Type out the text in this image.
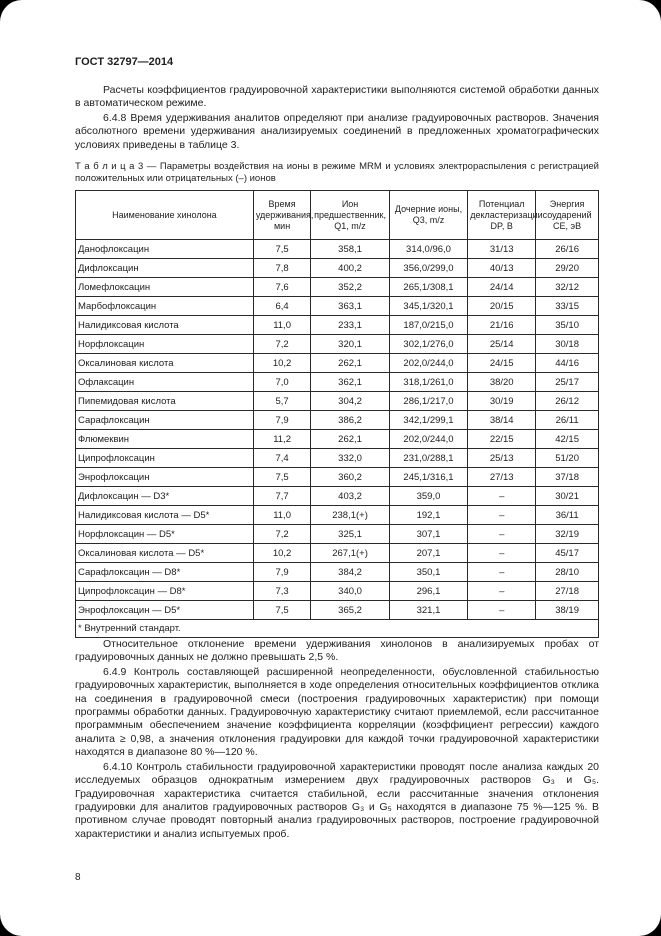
ГОСТ 32797—2014

Расчеты коэффициентов градуировочной характеристики выполняются системой обработки данных в автоматическом режиме.

6.4.8 Время удерживания аналитов определяют при анализе градуировочных растворов. Значения абсолютного времени удерживания анализируемых соединений в предложенных хроматографических условиях приведены в таблице 3.

Т а б л и ц а 3 — Параметры воздействия на ионы в режиме MRM и условиях электрораспыления с регистрацией положительных или отрицательных (–) ионов
Наименование хинолона	Время удерживания, мин	Ион предшественник, Q1, m/z	Дочерние ионы, Q3, m/z	Потенциал декластеризации DP, В	Энергия соударений CE, эВ
Данофлоксацин	7,5	358,1	314,0/96,0	31/13	26/16
Дифлоксацин	7,8	400,2	356,0/299,0	40/13	29/20
Ломефлоксацин	7,6	352,2	265,1/308,1	24/14	32/12
Марбофлоксацин	6,4	363,1	345,1/320,1	20/15	33/15
Налидиксовая кислота	11,0	233,1	187,0/215,0	21/16	35/10
Норфлоксацин	7,2	320,1	302,1/276,0	25/14	30/18
Оксалиновая кислота	10,2	262,1	202,0/244,0	24/15	44/16
Офлаксацин	7,0	362,1	318,1/261,0	38/20	25/17
Пипемидовая кислота	5,7	304,2	286,1/217,0	30/19	26/12
Сарафлоксацин	7,9	386,2	342,1/299,1	38/14	26/11
Флюмеквин	11,2	262,1	202,0/244,0	22/15	42/15
Ципрофлоксацин	7,4	332,0	231,0/288,1	25/13	51/20
Энрофлоксацин	7,5	360,2	245,1/316,1	27/13	37/18
Дифлоксацин — D3*	7,7	403,2	359,0	–	30/21
Налидиксовая кислота — D5*	11,0	238,1(+)	192,1	–	36/11
Норфлоксацин — D5*	7,2	325,1	307,1	–	32/19
Оксалиновая кислота — D5*	10,2	267,1(+)	207,1	–	45/17
Сарафлоксацин — D8*	7,9	384,2	350,1	–	28/10
Ципрофлоксацин — D8*	7,3	340,0	296,1	–	27/18
Энрофлоксацин — D5*	7,5	365,2	321,1	–	38/19
* Внутренний стандарт.					

Относительное отклонение времени удерживания хинолонов в анализируемых пробах от градуировочных данных не должно превышать 2,5 %.

6.4.9 Контроль составляющей расширенной неопределенности, обусловленной стабильностью градуировочных характеристик, выполняется в ходе определения относительных коэффициентов отклика на соединения в градуировочной смеси (построения градуировочных характеристик) при помощи программы обработки данных. Градуировочную характеристику считают приемлемой, если рассчитанное программным обеспечением значение коэффициента корреляции (коэффициент регрессии) каждого аналита ≥ 0,98, а значения отклонения градуировки для каждой точки градуировочной характеристики находятся в диапазоне 80 %—120 %.

6.4.10 Контроль стабильности градуировочной характеристики проводят после анализа каждых 20 исследуемых образцов однократным измерением двух градуировочных растворов G₃ и G₅. Градуировочная характеристика считается стабильной, если рассчитанные значения отклонения градуировки для аналитов градуировочных растворов G₃ и G₅ находятся в диапазоне 75 %—125 %. В противном случае проводят повторный анализ градуировочных растворов, построение градуировочной характеристики и анализ испытуемых проб.

8
